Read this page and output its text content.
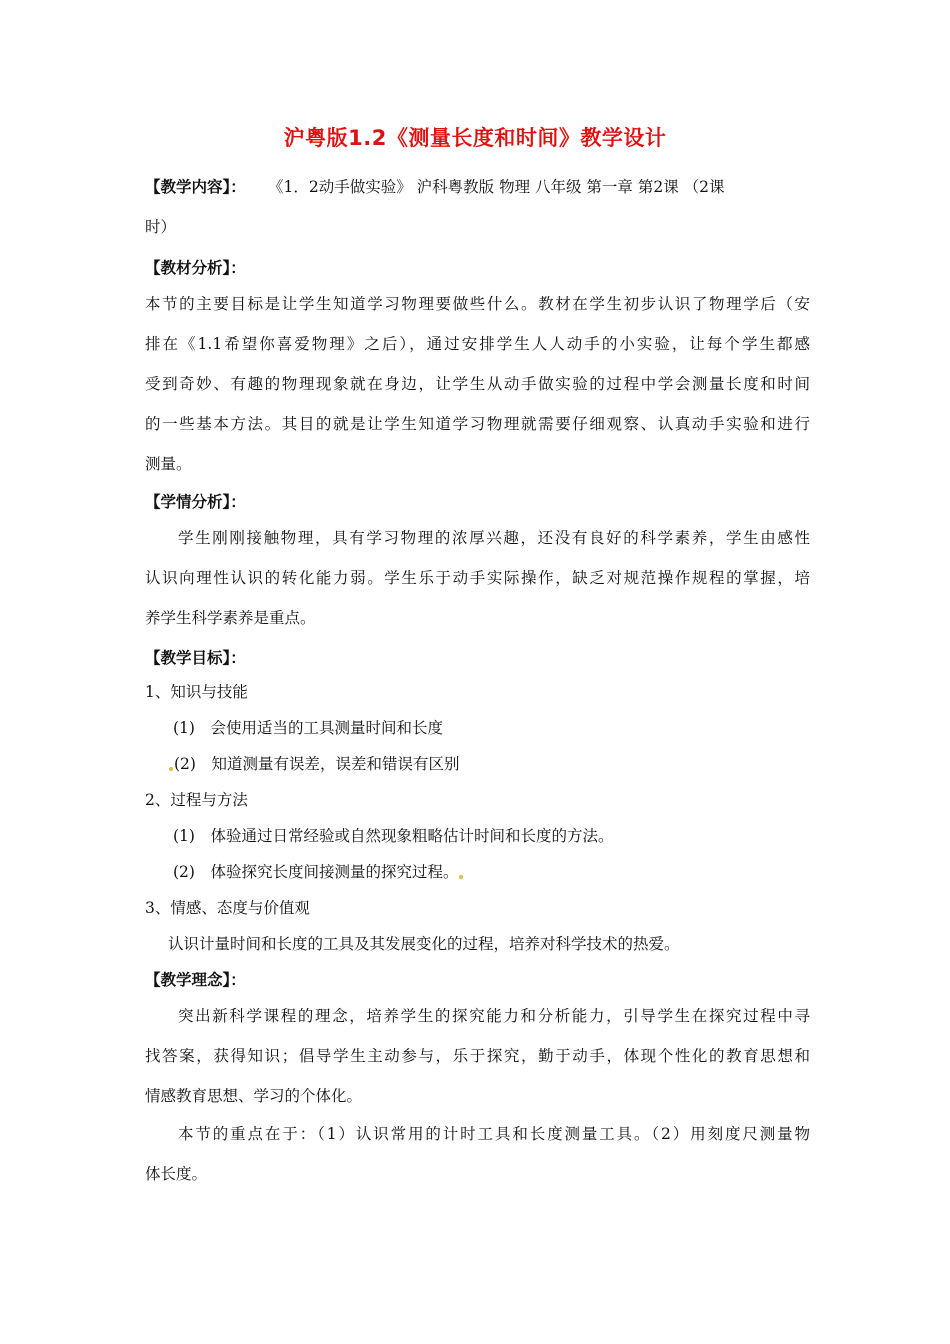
沪粤版1.2《测量长度和时间》教学设计
【教学内容】：	《1．2动手做实验》 沪科粤教版 物理 八年级 第一章 第2课 （2课
时）
【教材分析】：
本节的主要目标是让学生知道学习物理要做些什么。教材在学生初步认识了物理学后（安
排在《1.1希望你喜爱物理》之后），通过安排学生人人动手的小实验，让每个学生都感
受到奇妙、有趣的物理现象就在身边，让学生从动手做实验的过程中学会测量长度和时间
的一些基本方法。其目的就是让学生知道学习物理就需要仔细观察、认真动手实验和进行
测量。
【学情分析】：
学生刚刚接触物理，具有学习物理的浓厚兴趣，还没有良好的科学素养，学生由感性
认识向理性认识的转化能力弱。学生乐于动手实际操作，缺乏对规范操作规程的掌握，培
养学生科学素养是重点。
【教学目标】：
1、知识与技能
(1)　会使用适当的工具测量时间和长度
(2)　知道测量有误差，误差和错误有区别
2、过程与方法
(1)　体验通过日常经验或自然现象粗略估计时间和长度的方法。
(2)　体验探究长度间接测量的探究过程。
3、情感、态度与价值观
认识计量时间和长度的工具及其发展变化的过程，培养对科学技术的热爱。
【教学理念】：
突出新科学课程的理念，培养学生的探究能力和分析能力，引导学生在探究过程中寻
找答案，获得知识；倡导学生主动参与，乐于探究，勤于动手，体现个性化的教育思想和
情感教育思想、学习的个体化。
本节的重点在于：（1）认识常用的计时工具和长度测量工具。（2）用刻度尺测量物
体长度。
